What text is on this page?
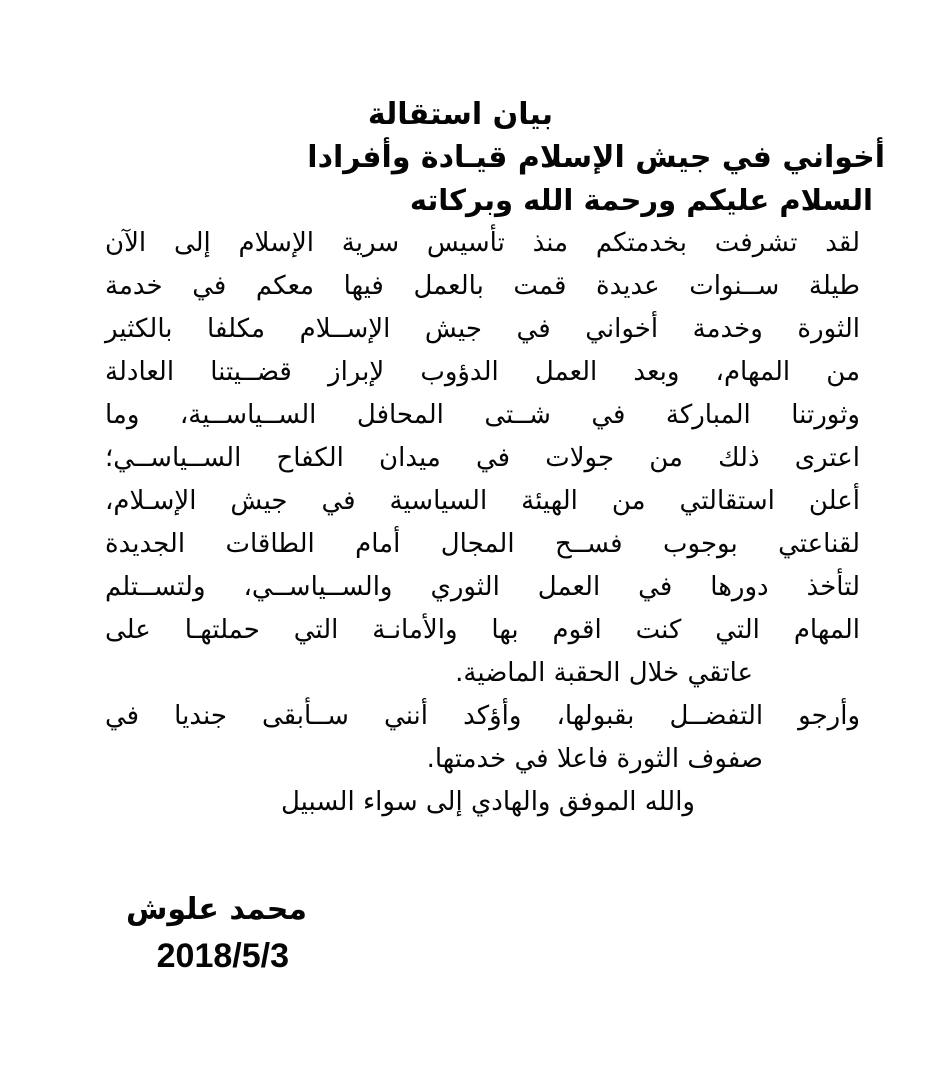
بيان استقالة
أخواني في جيش الإسلام قيـادة وأفرادا
السلام عليكم ورحمة الله وبركاته
لقد تشرفت بخدمتكم منذ تأسيس سرية الإسلام إلى الآن
طيلة ســنوات عديدة قمت بالعمل فيها معكم في خدمة
الثورة وخدمة أخواني في جيش الإســلام مكلفا بالكثير
من المهام، وبعد العمل الدؤوب لإبراز قضــيتنا العادلة
وثورتنا المباركة في شــتى المحافل الســياســية، وما
اعترى ذلك من جولات في ميدان الكفاح الســياســي؛
أعلن استقالتي من الهيئة السياسية في جيش الإسـلام،
لقناعتي بوجوب فســح المجال أمام الطاقات الجديدة
لتأخذ دورها في العمل الثوري والســياســي، ولتســتلم
المهام التي كنت اقوم بها والأمانـة التي حملتهـا على
عاتقي خلال الحقبة الماضية.
وأرجو التفضــل بقبولها، وأؤكد أنني ســأبقى جنديا في
صفوف الثورة فاعلا في خدمتها.
والله الموفق والهادي إلى سواء السبيل
محمد علوش
2018/5/3
